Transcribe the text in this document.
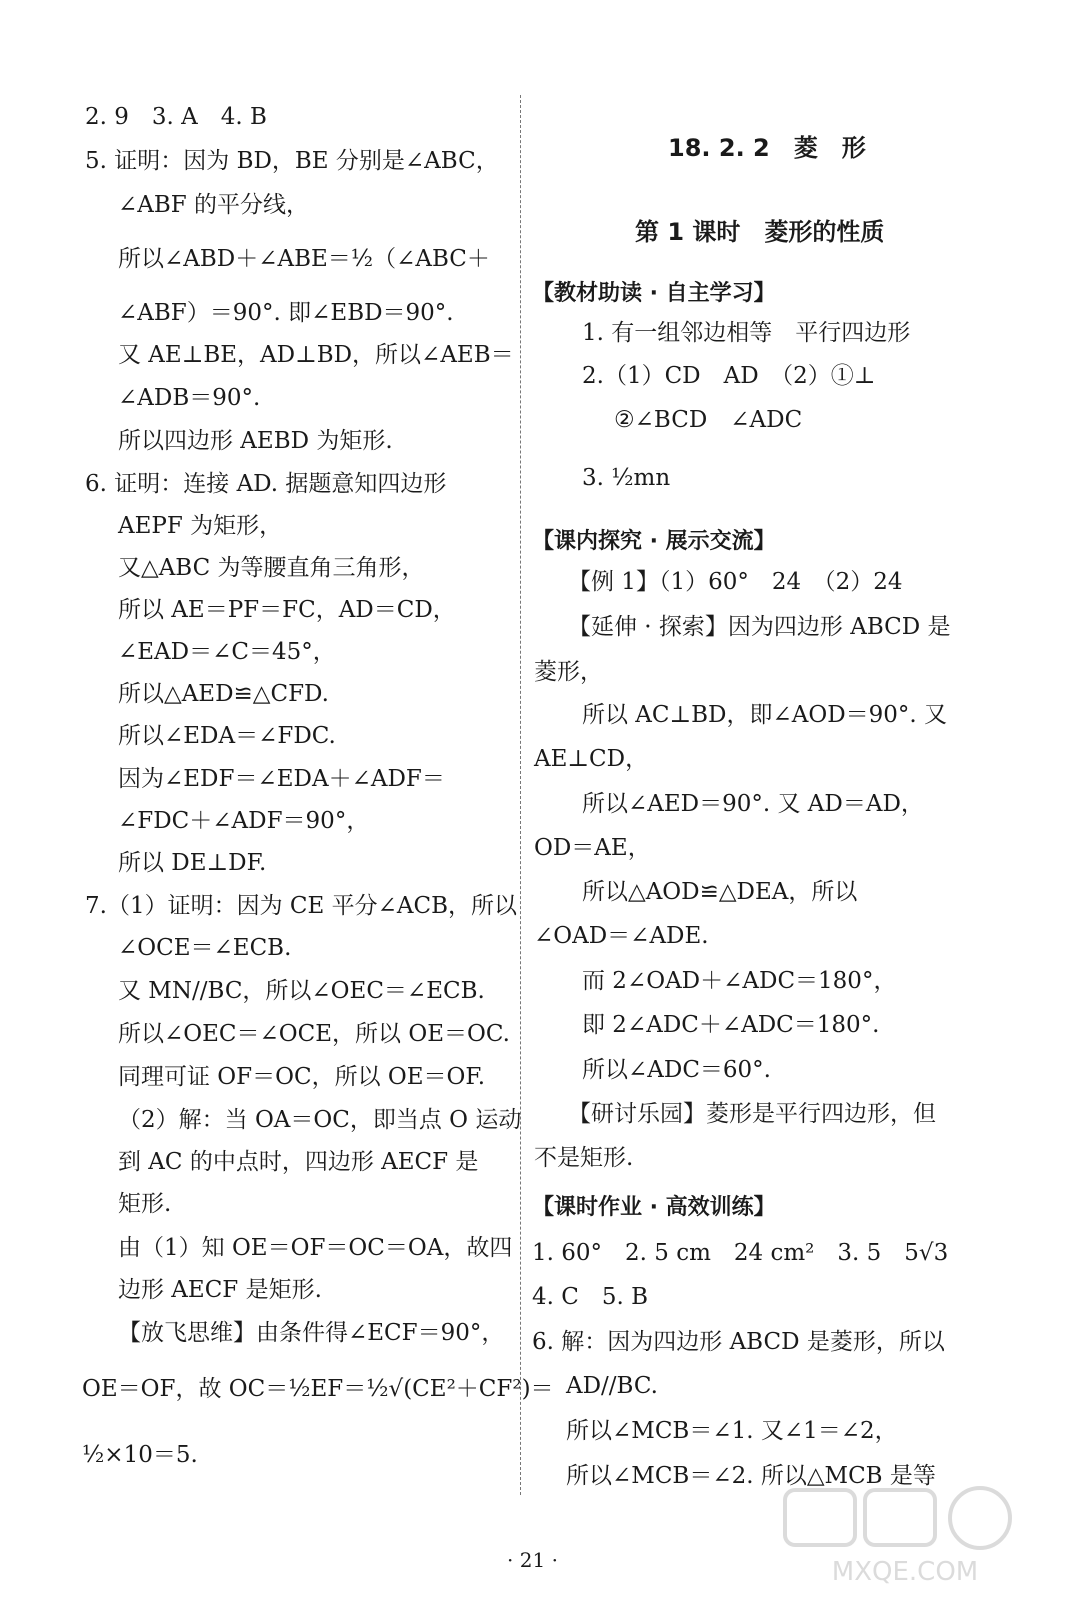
2. 9　3. A　4. B
5. 证明：因为 BD，BE 分别是∠ABC，
∠ABF 的平分线，
所以∠ABD＋∠ABE＝½（∠ABC＋
∠ABF）＝90°. 即∠EBD＝90°.
又 AE⊥BE，AD⊥BD，所以∠AEB＝
∠ADB＝90°.
所以四边形 AEBD 为矩形.
6. 证明：连接 AD. 据题意知四边形
AEPF 为矩形，
又△ABC 为等腰直角三角形，
所以 AE＝PF＝FC，AD＝CD，
∠EAD＝∠C＝45°，
所以△AED≌△CFD.
所以∠EDA＝∠FDC.
因为∠EDF＝∠EDA＋∠ADF＝
∠FDC＋∠ADF＝90°，
所以 DE⊥DF.
7.（1）证明：因为 CE 平分∠ACB，所以
∠OCE＝∠ECB.
又 MN//BC，所以∠OEC＝∠ECB.
所以∠OEC＝∠OCE，所以 OE＝OC.
同理可证 OF＝OC，所以 OE＝OF.
（2）解：当 OA＝OC，即当点 O 运动
到 AC 的中点时，四边形 AECF 是
矩形.
由（1）知 OE＝OF＝OC＝OA，故四
边形 AECF 是矩形.
【放飞思维】由条件得∠ECF＝90°，
OE＝OF，故 OC＝½EF＝½√(CE²＋CF²)＝
½×10＝5.
18. 2. 2　菱　形
第 1 课时　菱形的性质
【教材助读 · 自主学习】
1. 有一组邻边相等　平行四边形
2.（1）CD　AD　（2）①⊥
②∠BCD　∠ADC
3. ½mn
【课内探究 · 展示交流】
【例 1】（1）60°　24　（2）24
【延伸 · 探索】因为四边形 ABCD 是
菱形，
所以 AC⊥BD，即∠AOD＝90°. 又
AE⊥CD，
所以∠AED＝90°. 又 AD＝AD，
OD＝AE，
所以△AOD≌△DEA，所以
∠OAD＝∠ADE.
而 2∠OAD＋∠ADC＝180°，
即 2∠ADC＋∠ADC＝180°.
所以∠ADC＝60°.
【研讨乐园】菱形是平行四边形，但
不是矩形.
【课时作业 · 高效训练】
1. 60°　2. 5 cm　24 cm²　3. 5　5√3
4. C　5. B
6. 解：因为四边形 ABCD 是菱形，所以
AD//BC.
所以∠MCB＝∠1. 又∠1＝∠2，
所以∠MCB＝∠2. 所以△MCB 是等
· 21 ·	MXQE.COM
